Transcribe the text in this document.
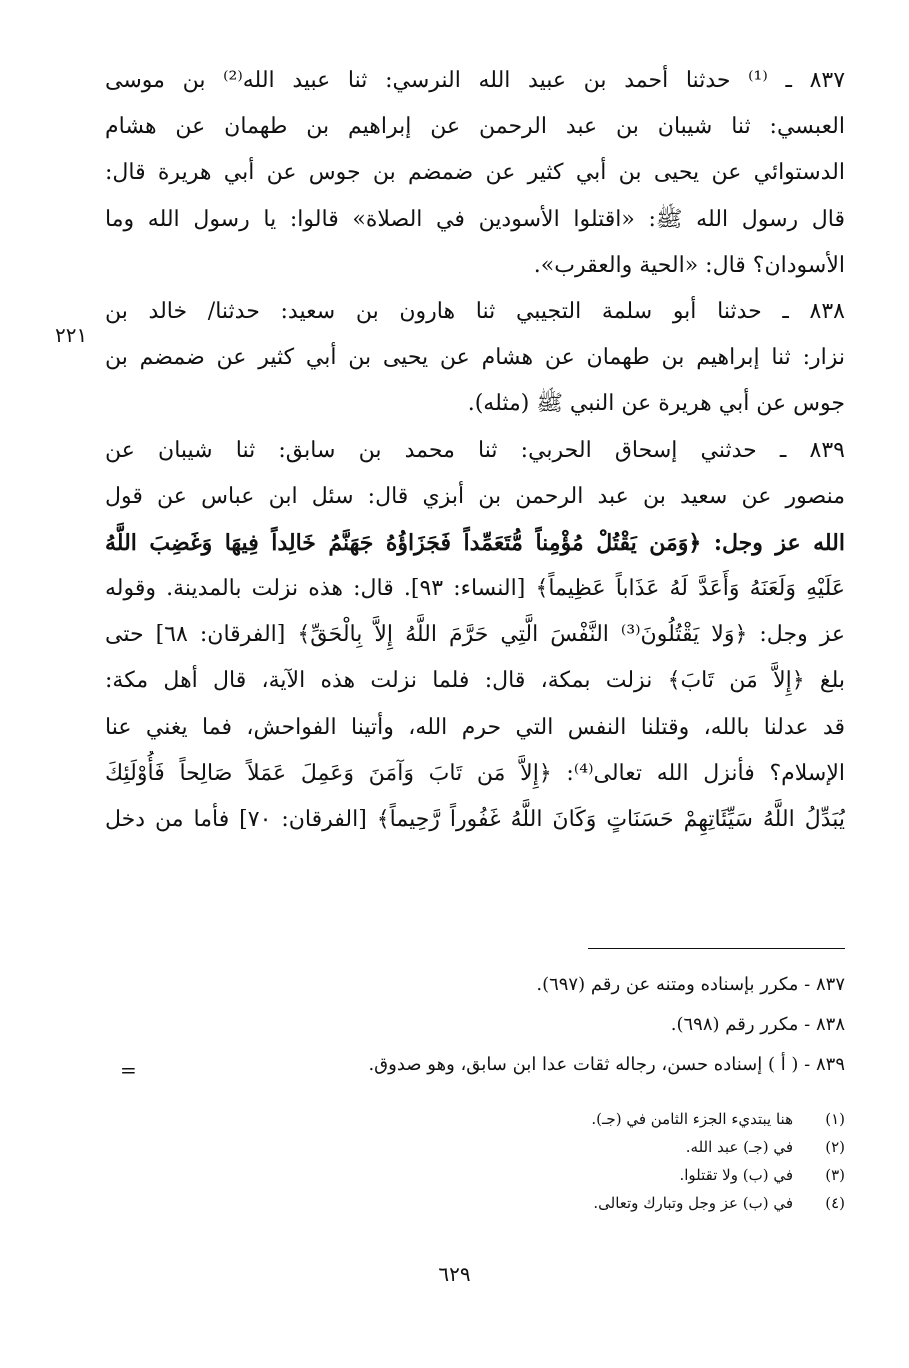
٨٣٧ ـ ⁽¹⁾ حدثنا أحمد بن عبيد الله النرسي: ثنا عبيد الله⁽²⁾ بن موسى
العبسي: ثنا شيبان بن عبد الرحمن عن إبراهيم بن طهمان عن هشام
الدستوائي عن يحيى بن أبي كثير عن ضمضم بن جوس عن أبي هريرة قال:
قال رسول الله ﷺ: «اقتلوا الأسودين في الصلاة» قالوا: يا رسول الله وما
الأسودان؟ قال: «الحية والعقرب».
٨٣٨ ـ حدثنا أبو سلمة التجيبي ثنا هارون بن سعيد: حدثنا/ خالد بن
نزار: ثنا إبراهيم بن طهمان عن هشام عن يحيى بن أبي كثير عن ضمضم بن
جوس عن أبي هريرة عن النبي ﷺ (مثله).
٨٣٩ ـ حدثني إسحاق الحربي: ثنا محمد بن سابق: ثنا شيبان عن
منصور عن سعيد بن عبد الرحمن بن أبزي قال: سئل ابن عباس عن قول
الله عز وجل: ﴿وَمَن يَقْتُلْ مُؤْمِناً مُّتَعَمِّداً فَجَزَاؤُهُ جَهَنَّمُ خَالِداً فِيهَا وَغَضِبَ اللَّهُ
عَلَيْهِ وَلَعَنَهُ وَأَعَدَّ لَهُ عَذَاباً عَظِيماً﴾ [النساء: ٩٣]. قال: هذه نزلت بالمدينة. وقوله
عز وجل: ﴿وَلا يَقْتُلُونَ⁽³⁾ النَّفْسَ الَّتِي حَرَّمَ اللَّهُ إِلاَّ بِالْحَقِّ﴾ [الفرقان: ٦٨] حتى
بلغ ﴿إِلاَّ مَن تَابَ﴾ نزلت بمكة، قال: فلما نزلت هذه الآية، قال أهل مكة:
قد عدلنا بالله، وقتلنا النفس التي حرم الله، وأتينا الفواحش، فما يغني عنا
الإسلام؟ فأنزل الله تعالى⁽⁴⁾: ﴿إِلاَّ مَن تَابَ وَآمَنَ وَعَمِلَ عَمَلاً صَالِحاً فَأُوْلَئِكَ
يُبَدِّلُ اللَّهُ سَيِّئَاتِهِمْ حَسَنَاتٍ وَكَانَ اللَّهُ غَفُوراً رَّحِيماً﴾ [الفرقان: ٧٠] فأما من دخل
٢٢١
٨٣٧ - مكرر بإسناده ومتنه عن رقم (٦٩٧).
٨٣٨ - مكرر رقم (٦٩٨).
٨٣٩ - ( أ ) إسناده حسن، رجاله ثقات عدا ابن سابق، وهو صدوق.
=
(١)هنا يبتديء الجزء الثامن في (جـ).
(٢)في (جـ) عبد الله.
(٣)في (ب) ولا تقتلوا.
(٤)في (ب) عز وجل وتبارك وتعالى.
٦٢٩
